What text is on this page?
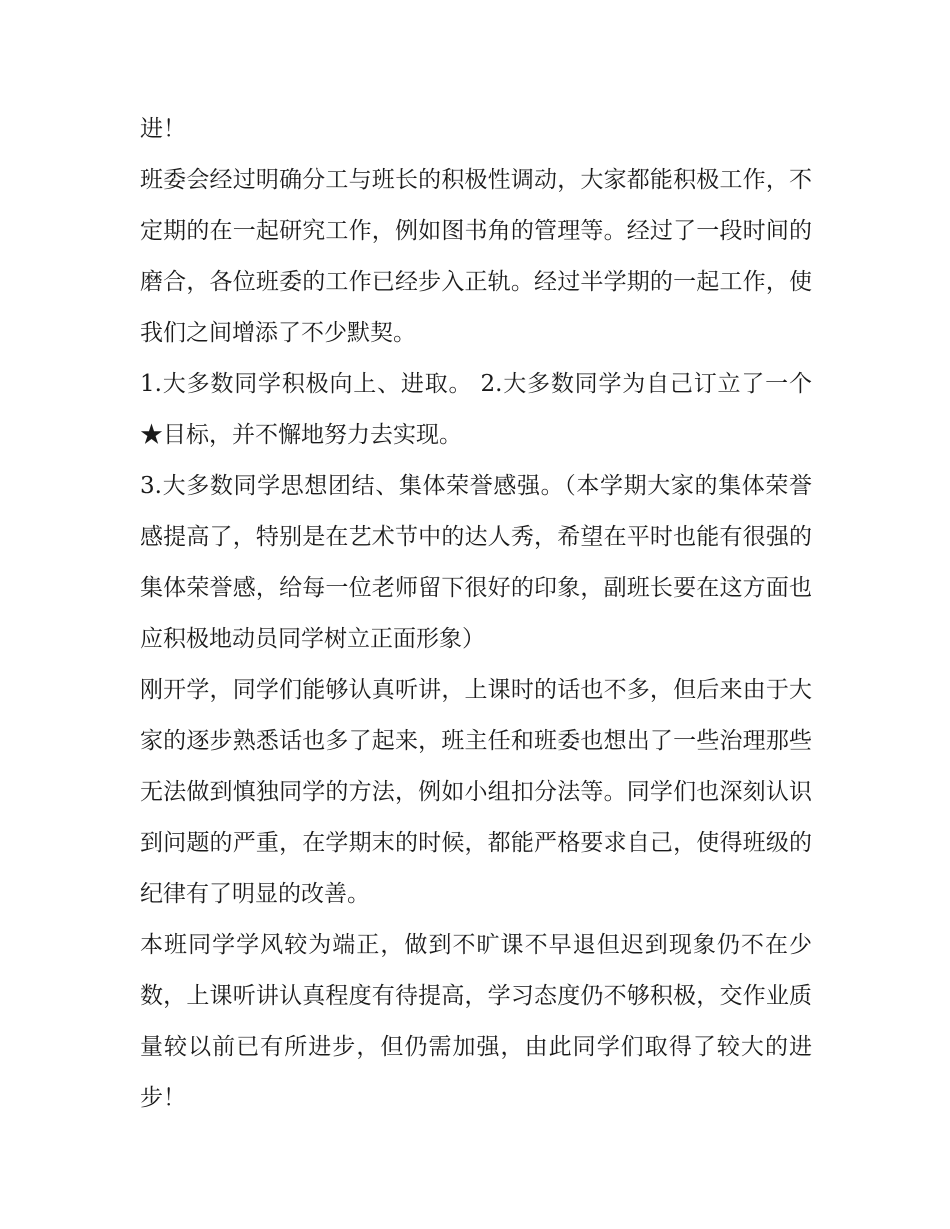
进！

班委会经过明确分工与班长的积极性调动，大家都能积极工作，不定期的在一起研究工作，例如图书角的管理等。经过了一段时间的磨合，各位班委的工作已经步入正轨。经过半学期的一起工作，使我们之间增添了不少默契。

1.大多数同学积极向上、进取。 2.大多数同学为自己订立了一个★目标，并不懈地努力去实现。

3.大多数同学思想团结、集体荣誉感强。（本学期大家的集体荣誉感提高了，特别是在艺术节中的达人秀，希望在平时也能有很强的集体荣誉感，给每一位老师留下很好的印象，副班长要在这方面也应积极地动员同学树立正面形象）

刚开学，同学们能够认真听讲，上课时的话也不多，但后来由于大家的逐步熟悉话也多了起来，班主任和班委也想出了一些治理那些无法做到慎独同学的方法，例如小组扣分法等。同学们也深刻认识到问题的严重，在学期末的时候，都能严格要求自己，使得班级的纪律有了明显的改善。

本班同学学风较为端正，做到不旷课不早退但迟到现象仍不在少数，上课听讲认真程度有待提高，学习态度仍不够积极，交作业质量较以前已有所进步，但仍需加强，由此同学们取得了较大的进步！
